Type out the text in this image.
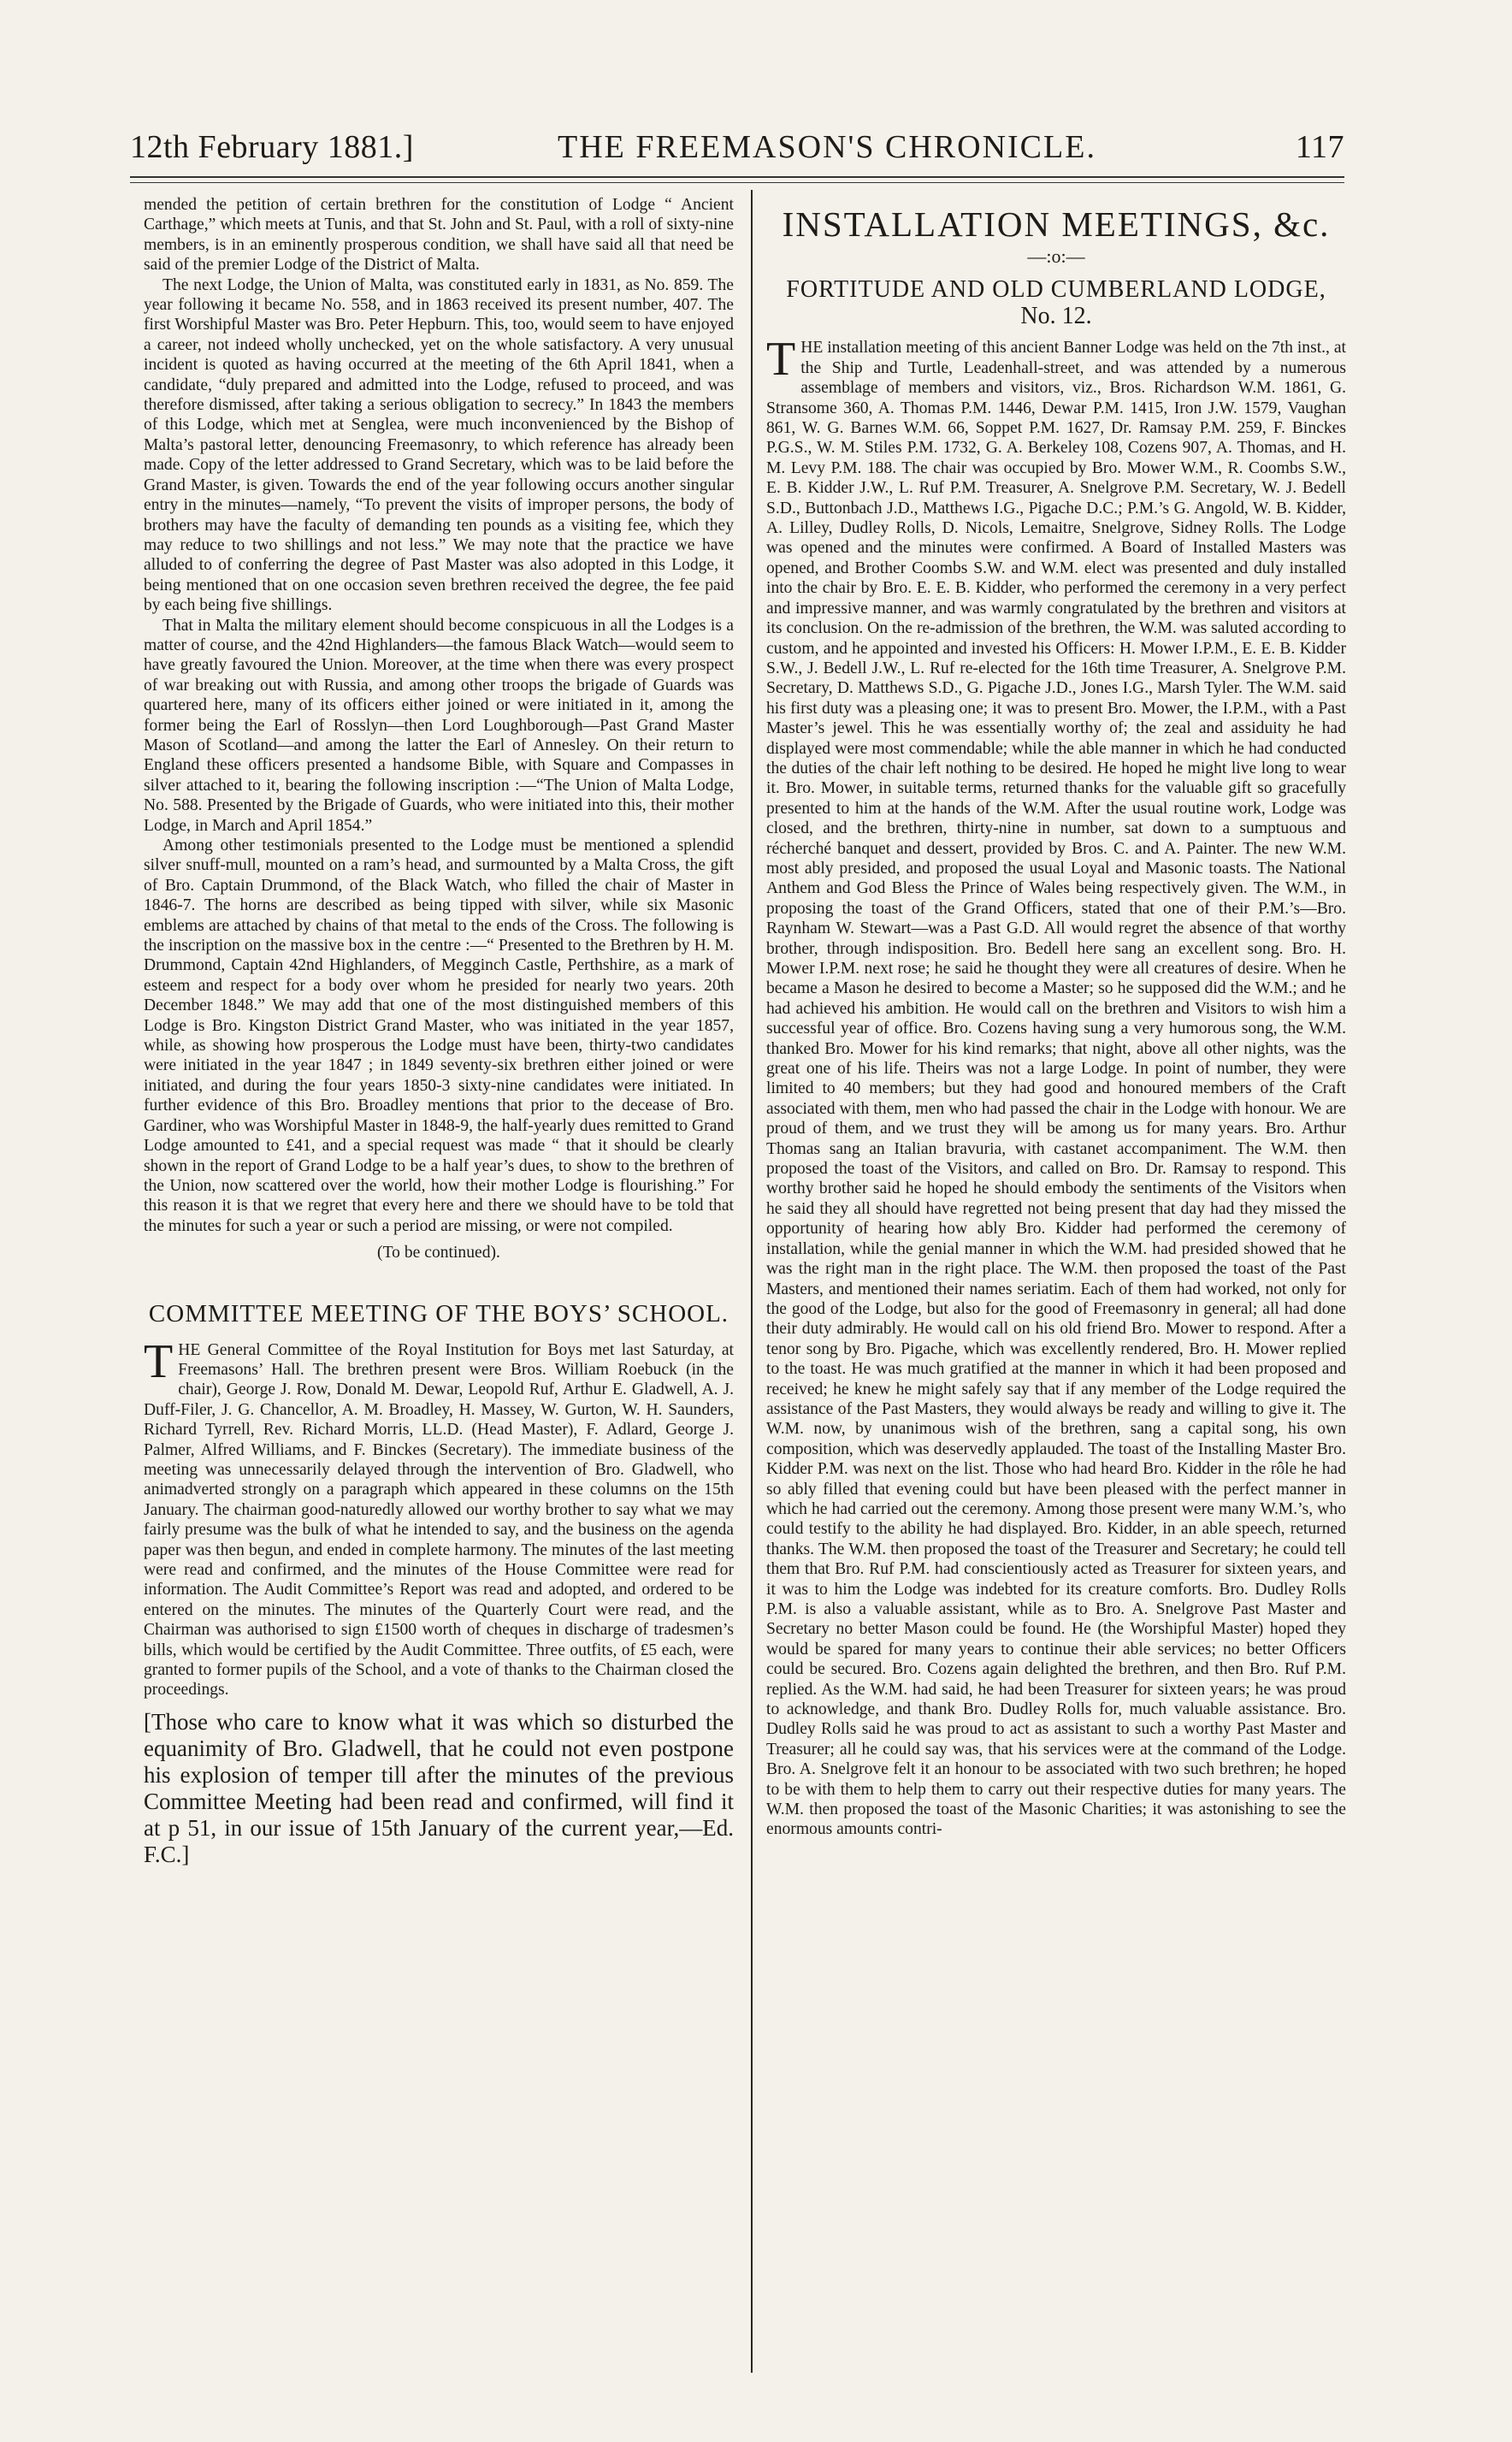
12th February 1881.]	THE FREEMASON'S CHRONICLE.	117

mended the petition of certain brethren for the constitution of Lodge “ Ancient Carthage,” which meets at Tunis, and that St. John and St. Paul, with a roll of sixty-nine members, is in an eminently prosperous condition, we shall have said all that need be said of the premier Lodge of the District of Malta.

The next Lodge, the Union of Malta, was constituted early in 1831, as No. 859. The year following it became No. 558, and in 1863 received its present number, 407. The first Worshipful Master was Bro. Peter Hepburn. This, too, would seem to have enjoyed a career, not indeed wholly unchecked, yet on the whole satisfactory. A very unusual incident is quoted as having occurred at the meeting of the 6th April 1841, when a candidate, “duly prepared and admitted into the Lodge, refused to proceed, and was therefore dismissed, after taking a serious obligation to secrecy.” In 1843 the members of this Lodge, which met at Senglea, were much inconvenienced by the Bishop of Malta’s pastoral letter, denouncing Freemasonry, to which reference has already been made. Copy of the letter addressed to Grand Secretary, which was to be laid before the Grand Master, is given. Towards the end of the year following occurs another singular entry in the minutes—namely, “To prevent the visits of improper persons, the body of brothers may have the faculty of demanding ten pounds as a visiting fee, which they may reduce to two shillings and not less.” We may note that the practice we have alluded to of conferring the degree of Past Master was also adopted in this Lodge, it being mentioned that on one occasion seven brethren received the degree, the fee paid by each being five shillings.

That in Malta the military element should become conspicuous in all the Lodges is a matter of course, and the 42nd Highlanders—the famous Black Watch—would seem to have greatly favoured the Union. Moreover, at the time when there was every prospect of war breaking out with Russia, and among other troops the brigade of Guards was quartered here, many of its officers either joined or were initiated in it, among the former being the Earl of Rosslyn—then Lord Loughborough—Past Grand Master Mason of Scotland—and among the latter the Earl of Annesley. On their return to England these officers presented a handsome Bible, with Square and Compasses in silver attached to it, bearing the following inscription :—“The Union of Malta Lodge, No. 588. Presented by the Brigade of Guards, who were initiated into this, their mother Lodge, in March and April 1854.”

Among other testimonials presented to the Lodge must be mentioned a splendid silver snuff-mull, mounted on a ram’s head, and surmounted by a Malta Cross, the gift of Bro. Captain Drummond, of the Black Watch, who filled the chair of Master in 1846-7. The horns are described as being tipped with silver, while six Masonic emblems are attached by chains of that metal to the ends of the Cross. The following is the inscription on the massive box in the centre :—“ Presented to the Brethren by H. M. Drummond, Captain 42nd Highlanders, of Megginch Castle, Perthshire, as a mark of esteem and respect for a body over whom he presided for nearly two years. 20th December 1848.” We may add that one of the most distinguished members of this Lodge is Bro. Kingston District Grand Master, who was initiated in the year 1857, while, as showing how prosperous the Lodge must have been, thirty-two candidates were initiated in the year 1847 ; in 1849 seventy-six brethren either joined or were initiated, and during the four years 1850-3 sixty-nine candidates were initiated. In further evidence of this Bro. Broadley mentions that prior to the decease of Bro. Gardiner, who was Worshipful Master in 1848-9, the half-yearly dues remitted to Grand Lodge amounted to £41, and a special request was made “ that it should be clearly shown in the report of Grand Lodge to be a half year’s dues, to show to the brethren of the Union, now scattered over the world, how their mother Lodge is flourishing.” For this reason it is that we regret that every here and there we should have to be told that the minutes for such a year or such a period are missing, or were not compiled.

(To be continued).

COMMITTEE MEETING OF THE BOYS’ SCHOOL.

THE General Committee of the Royal Institution for Boys met last Saturday, at Freemasons’ Hall. The brethren present were Bros. William Roebuck (in the chair), George J. Row, Donald M. Dewar, Leopold Ruf, Arthur E. Gladwell, A. J. Duff-Filer, J. G. Chancellor, A. M. Broadley, H. Massey, W. Gurton, W. H. Saunders, Richard Tyrrell, Rev. Richard Morris, LL.D. (Head Master), F. Adlard, George J. Palmer, Alfred Williams, and F. Binckes (Secretary). The immediate business of the meeting was unnecessarily delayed through the intervention of Bro. Gladwell, who animadverted strongly on a paragraph which appeared in these columns on the 15th January. The chairman good-naturedly allowed our worthy brother to say what we may fairly presume was the bulk of what he intended to say, and the business on the agenda paper was then begun, and ended in complete harmony. The minutes of the last meeting were read and confirmed, and the minutes of the House Committee were read for information. The Audit Committee’s Report was read and adopted, and ordered to be entered on the minutes. The minutes of the Quarterly Court were read, and the Chairman was authorised to sign £1500 worth of cheques in discharge of tradesmen’s bills, which would be certified by the Audit Committee. Three outfits, of £5 each, were granted to former pupils of the School, and a vote of thanks to the Chairman closed the proceedings.

[Those who care to know what it was which so disturbed the equanimity of Bro. Gladwell, that he could not even postpone his explosion of temper till after the minutes of the previous Committee Meeting had been read and confirmed, will find it at p 51, in our issue of 15th January of the current year,—Ed. F.C.]

INSTALLATION MEETINGS, &c.
—:o:—
FORTITUDE AND OLD CUMBERLAND LODGE,
No. 12.

THE installation meeting of this ancient Banner Lodge was held on the 7th inst., at the Ship and Turtle, Leadenhall-street, and was attended by a numerous assemblage of members and visitors, viz., Bros. Richardson W.M. 1861, G. Stransome 360, A. Thomas P.M. 1446, Dewar P.M. 1415, Iron J.W. 1579, Vaughan 861, W. G. Barnes W.M. 66, Soppet P.M. 1627, Dr. Ramsay P.M. 259, F. Binckes P.G.S., W. M. Stiles P.M. 1732, G. A. Berkeley 108, Cozens 907, A. Thomas, and H. M. Levy P.M. 188. The chair was occupied by Bro. Mower W.M., R. Coombs S.W., E. B. Kidder J.W., L. Ruf P.M. Treasurer, A. Snelgrove P.M. Secretary, W. J. Bedell S.D., Buttonbach J.D., Matthews I.G., Pigache D.C.; P.M.’s G. Angold, W. B. Kidder, A. Lilley, Dudley Rolls, D. Nicols, Lemaitre, Snelgrove, Sidney Rolls. The Lodge was opened and the minutes were confirmed. A Board of Installed Masters was opened, and Brother Coombs S.W. and W.M. elect was presented and duly installed into the chair by Bro. E. E. B. Kidder, who performed the ceremony in a very perfect and impressive manner, and was warmly congratulated by the brethren and visitors at its conclusion. On the re-admission of the brethren, the W.M. was saluted according to custom, and he appointed and invested his Officers: H. Mower I.P.M., E. E. B. Kidder S.W., J. Bedell J.W., L. Ruf re-elected for the 16th time Treasurer, A. Snelgrove P.M. Secretary, D. Matthews S.D., G. Pigache J.D., Jones I.G., Marsh Tyler. The W.M. said his first duty was a pleasing one; it was to present Bro. Mower, the I.P.M., with a Past Master’s jewel. This he was essentially worthy of; the zeal and assiduity he had displayed were most commendable; while the able manner in which he had conducted the duties of the chair left nothing to be desired. He hoped he might live long to wear it. Bro. Mower, in suitable terms, returned thanks for the valuable gift so gracefully presented to him at the hands of the W.M. After the usual routine work, Lodge was closed, and the brethren, thirty-nine in number, sat down to a sumptuous and récherché banquet and dessert, provided by Bros. C. and A. Painter. The new W.M. most ably presided, and proposed the usual Loyal and Masonic toasts. The National Anthem and God Bless the Prince of Wales being respectively given. The W.M., in proposing the toast of the Grand Officers, stated that one of their P.M.’s—Bro. Raynham W. Stewart—was a Past G.D. All would regret the absence of that worthy brother, through indisposition. Bro. Bedell here sang an excellent song. Bro. H. Mower I.P.M. next rose; he said he thought they were all creatures of desire. When he became a Mason he desired to become a Master; so he supposed did the W.M.; and he had achieved his ambition. He would call on the brethren and Visitors to wish him a successful year of office. Bro. Cozens having sung a very humorous song, the W.M. thanked Bro. Mower for his kind remarks; that night, above all other nights, was the great one of his life. Theirs was not a large Lodge. In point of number, they were limited to 40 members; but they had good and honoured members of the Craft associated with them, men who had passed the chair in the Lodge with honour. We are proud of them, and we trust they will be among us for many years. Bro. Arthur Thomas sang an Italian bravuria, with castanet accompaniment. The W.M. then proposed the toast of the Visitors, and called on Bro. Dr. Ramsay to respond. This worthy brother said he hoped he should embody the sentiments of the Visitors when he said they all should have regretted not being present that day had they missed the opportunity of hearing how ably Bro. Kidder had performed the ceremony of installation, while the genial manner in which the W.M. had presided showed that he was the right man in the right place. The W.M. then proposed the toast of the Past Masters, and mentioned their names seriatim. Each of them had worked, not only for the good of the Lodge, but also for the good of Freemasonry in general; all had done their duty admirably. He would call on his old friend Bro. Mower to respond. After a tenor song by Bro. Pigache, which was excellently rendered, Bro. H. Mower replied to the toast. He was much gratified at the manner in which it had been proposed and received; he knew he might safely say that if any member of the Lodge required the assistance of the Past Masters, they would always be ready and willing to give it. The W.M. now, by unanimous wish of the brethren, sang a capital song, his own composition, which was deservedly applauded. The toast of the Installing Master Bro. Kidder P.M. was next on the list. Those who had heard Bro. Kidder in the rôle he had so ably filled that evening could but have been pleased with the perfect manner in which he had carried out the ceremony. Among those present were many W.M.’s, who could testify to the ability he had displayed. Bro. Kidder, in an able speech, returned thanks. The W.M. then proposed the toast of the Treasurer and Secretary; he could tell them that Bro. Ruf P.M. had conscientiously acted as Treasurer for sixteen years, and it was to him the Lodge was indebted for its creature comforts. Bro. Dudley Rolls P.M. is also a valuable assistant, while as to Bro. A. Snelgrove Past Master and Secretary no better Mason could be found. He (the Worshipful Master) hoped they would be spared for many years to continue their able services; no better Officers could be secured. Bro. Cozens again delighted the brethren, and then Bro. Ruf P.M. replied. As the W.M. had said, he had been Treasurer for sixteen years; he was proud to acknowledge, and thank Bro. Dudley Rolls for, much valuable assistance. Bro. Dudley Rolls said he was proud to act as assistant to such a worthy Past Master and Treasurer; all he could say was, that his services were at the command of the Lodge. Bro. A. Snelgrove felt it an honour to be associated with two such brethren; he hoped to be with them to help them to carry out their respective duties for many years. The W.M. then proposed the toast of the Masonic Charities; it was astonishing to see the enormous amounts contri-
